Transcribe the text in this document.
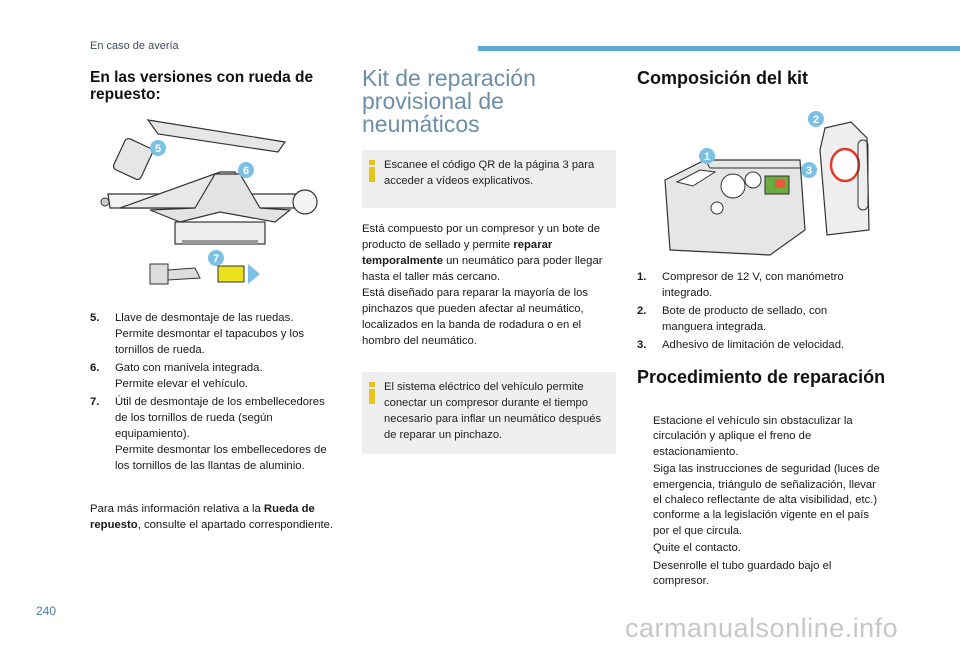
En caso de avería
En las versiones con rueda de repuesto:
5
6
7
5. Llave de desmontaje de las ruedas.
Permite desmontar el tapacubos y los tornillos de rueda.
6. Gato con manivela integrada.
Permite elevar el vehículo.
7. Útil de desmontaje de los embellecedores de los tornillos de rueda (según equipamiento).
Permite desmontar los embellecedores de los tornillos de las llantas de aluminio.
Para más información relativa a la Rueda de repuesto, consulte el apartado correspondiente.
Kit de reparación provisional de neumáticos
Escanee el código QR de la página 3 para acceder a vídeos explicativos.
Está compuesto por un compresor y un bote de producto de sellado y permite reparar temporalmente un neumático para poder llegar hasta el taller más cercano.
Está diseñado para reparar la mayoría de los pinchazos que pueden afectar al neumático, localizados en la banda de rodadura o en el hombro del neumático.
El sistema eléctrico del vehículo permite conectar un compresor durante el tiempo necesario para inflar un neumático después de reparar un pinchazo.
Composición del kit
1
2
3
1. Compresor de 12 V, con manómetro integrado.
2. Bote de producto de sellado, con manguera integrada.
3. Adhesivo de limitación de velocidad.
Procedimiento de reparación
Estacione el vehículo sin obstaculizar la circulación y aplique el freno de estacionamiento.
Siga las instrucciones de seguridad (luces de emergencia, triángulo de señalización, llevar el chaleco reflectante de alta visibilidad, etc.) conforme a la legislación vigente en el país por el que circula.
Quite el contacto.
Desenrolle el tubo guardado bajo el compresor.
240
carmanualsonline.info
